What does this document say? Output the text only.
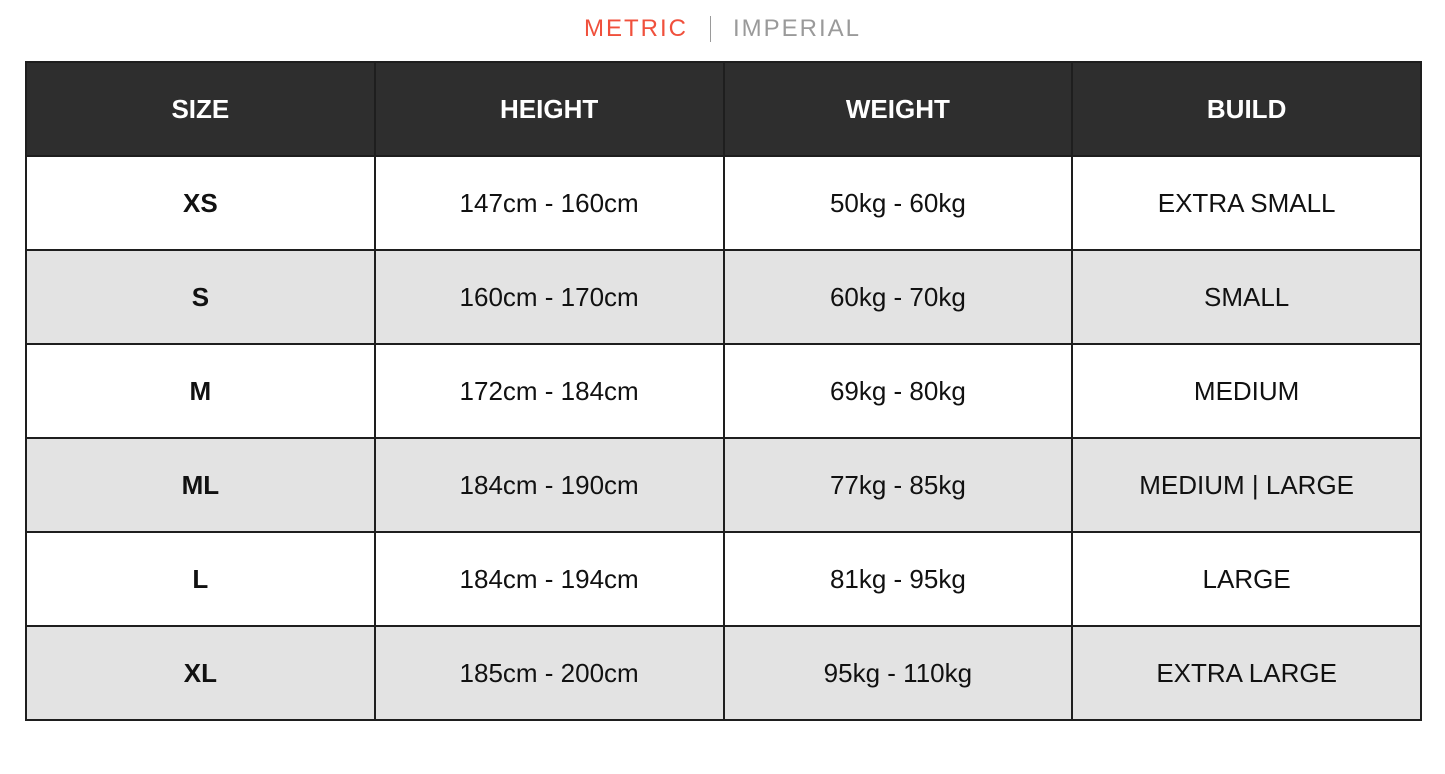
METRIC IMPERIAL
SIZE	HEIGHT	WEIGHT	BUILD
XS	147cm - 160cm	50kg - 60kg	EXTRA SMALL
S	160cm - 170cm	60kg - 70kg	SMALL
M	172cm - 184cm	69kg - 80kg	MEDIUM
ML	184cm - 190cm	77kg - 85kg	MEDIUM | LARGE
L	184cm - 194cm	81kg - 95kg	LARGE
XL	185cm - 200cm	95kg - 110kg	EXTRA LARGE
